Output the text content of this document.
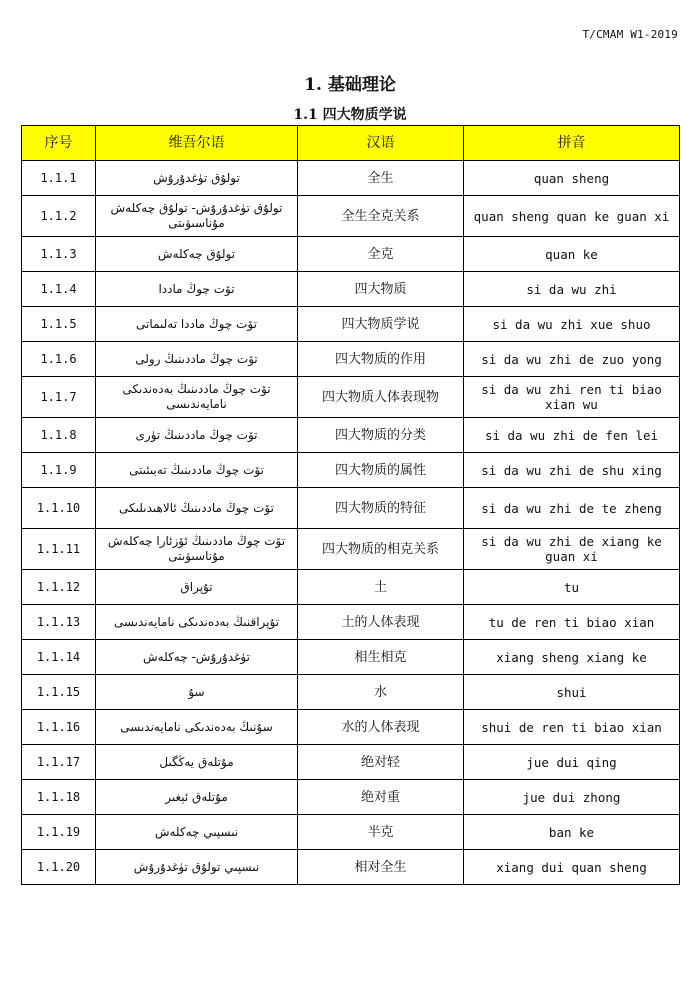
T/CMAM W1-2019
1. 基础理论
1.1 四大物质学说
序号	维吾尔语	汉语	拼音
1.1.1	تولۇق تۈغدۇرۇش	全生	quan sheng
1.1.2	تولۇق تۈغدۇرۇش- تولۇق چەكلەش مۇناسىۋىتى	全生全克关系	quan sheng quan ke guan xi
1.1.3	تولۇق چەكلەش	全克	quan ke
1.1.4	تۆت چوڭ ماددا	四大物质	si da wu zhi
1.1.5	تۆت چوڭ ماددا تەلىماتى	四大物质学说	si da wu zhi xue shuo
1.1.6	تۆت چوڭ ماددىنىڭ رولى	四大物质的作用	si da wu zhi de zuo yong
1.1.7	تۆت چوڭ ماددىنىڭ بەدەندىكى نامايەندىسى	四大物质人体表现物	si da wu zhi ren ti biao xian wu
1.1.8	تۆت چوڭ ماددىنىڭ تۈرى	四大物质的分类	si da wu zhi de fen lei
1.1.9	تۆت چوڭ ماددىنىڭ تەبىئىتى	四大物质的属性	si da wu zhi de shu xing
1.1.10	تۆت چوڭ ماددىنىڭ ئالاھىدىلىكى	四大物质的特征	si da wu zhi de te zheng
1.1.11	تۆت چوڭ ماددىنىڭ ئۆزئارا چەكلەش مۇناسىۋىتى	四大物质的相克关系	si da wu zhi de xiang ke guan xi
1.1.12	تۇپراق	土	tu
1.1.13	تۇپراقنىڭ بەدەندىكى نامايەندىسى	土的人体表现	tu de ren ti biao xian
1.1.14	تۈغدۇرۇش- چەكلەش	相生相克	xiang sheng xiang ke
1.1.15	سۇ	水	shui
1.1.16	سۇنىڭ بەدەندىكى نامايەندىسى	水的人体表现	shui de ren ti biao xian
1.1.17	مۇتلەق يەڭگىل	绝对轻	jue dui qing
1.1.18	مۇتلەق ئېغىر	绝对重	jue dui zhong
1.1.19	نىسپىي چەكلەش	半克	ban ke
1.1.20	نىسپىي تولۇق تۈغدۇرۇش	相对全生	xiang dui quan sheng
